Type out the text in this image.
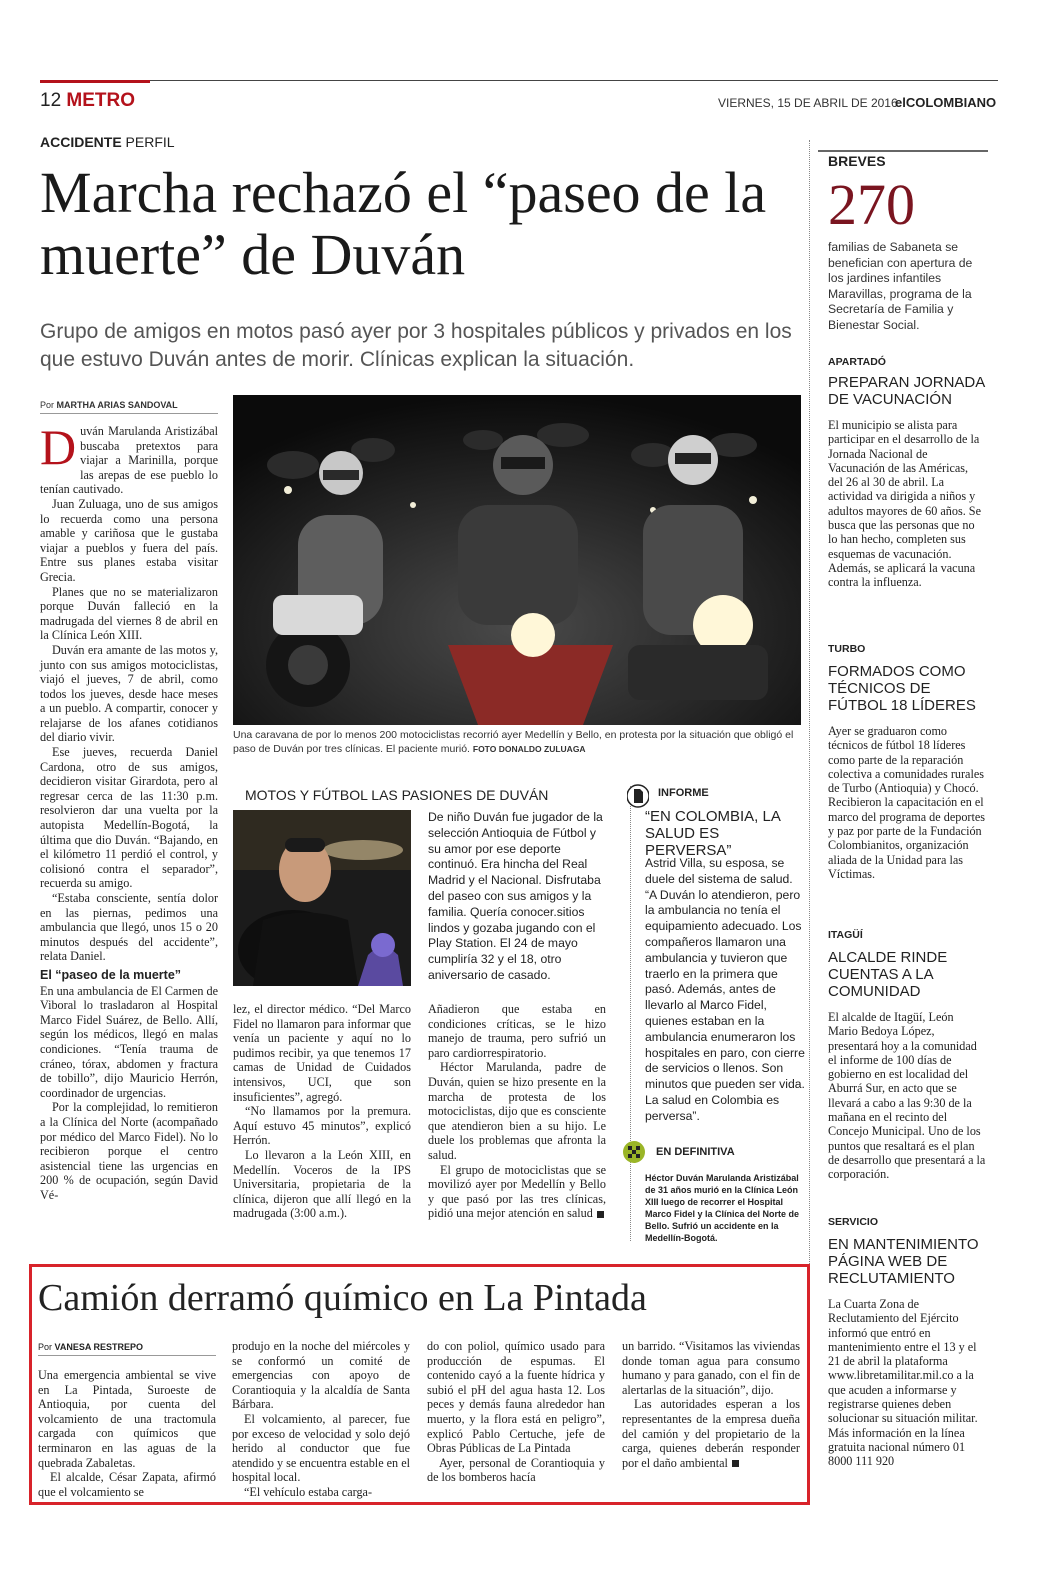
12 METRO	VIERNES, 15 DE ABRIL DE 2016
elCOLOMBIANO
ACCIDENTE PERFIL
Marcha rechazó el “paseo de la muerte” de Duván
Grupo de amigos en motos pasó ayer por 3 hospitales públicos y privados en los que estuvo Duván antes de morir. Clínicas explican la situación.
Por MARTHA ARIAS SANDOVAL

Duván Marulanda Aristizábal buscaba pretextos para viajar a Marinilla, porque las arepas de ese pueblo lo tenían cautivado.

Juan Zuluaga, uno de sus amigos lo recuerda como una persona amable y cariñosa que le gustaba viajar a pueblos y fuera del país. Entre sus planes estaba visitar Grecia.

Planes que no se materializaron porque Duván falleció en la madrugada del viernes 8 de abril en la Clínica León XIII.

Duván era amante de las motos y, junto con sus amigos motociclistas, viajó el jueves, 7 de abril, como todos los jueves, desde hace meses a un pueblo. A compartir, conocer y relajarse de los afanes cotidianos del diario vivir.

Ese jueves, recuerda Daniel Cardona, otro de sus amigos, decidieron visitar Girardota, pero al regresar cerca de las 11:30 p.m. resolvieron dar una vuelta por la autopista Medellín-Bogotá, la última que dio Duván. “Bajando, en el kilómetro 11 perdió el control, y colisionó contra el separador”, recuerda su amigo.

“Estaba consciente, sentía dolor en las piernas, pedimos una ambulancia que llegó, unos 15 o 20 minutos después del accidente”, relata Daniel.

El “paseo de la muerte”

En una ambulancia de El Carmen de Viboral lo trasladaron al Hospital Marco Fidel Suárez, de Bello. Allí, según los médicos, llegó en malas condiciones. “Tenía trauma de cráneo, tórax, abdomen y fractura de tobillo”, dijo Mauricio Herrón, coordinador de urgencias.

Por la complejidad, lo remitieron a la Clínica del Norte (acompañado por médico del Marco Fidel). No lo recibieron porque el centro asistencial tiene las urgencias en 200 % de ocupación, según David Vé-

Una caravana de por lo menos 200 motociclistas recorrió ayer Medellín y Bello, en protesta por la situación que obligó el paso de Duván por tres clínicas. El paciente murió. FOTO DONALDO ZULUAGA
MOTOS Y FÚTBOL LAS PASIONES DE DUVÁN
De niño Duván fue jugador de la selección Antioquia de Fútbol y su amor por ese deporte continuó. Era hincha del Real Madrid y el Nacional. Disfrutaba del paseo con sus amigos y la familia. Quería conocer.sitios lindos y gozaba jugando con el Play Station. El 24 de mayo cumpliría 32 y el 18, otro aniversario de casado.

lez, el director médico. “Del Marco Fidel no llamaron para informar que venía un paciente y aquí no lo pudimos recibir, ya que tenemos 17 camas de Unidad de Cuidados intensivos, UCI, que son insuficientes”, agregó.

“No llamamos por la premura. Aquí estuvo 45 minutos”, explicó Herrón.

Lo llevaron a la León XIII, en Medellín. Voceros de la IPS Universitaria, propietaria de la clínica, dijeron que allí llegó en la madrugada (3:00 a.m.).

Añadieron que estaba en condiciones críticas, se le hizo manejo de trauma, pero sufrió un paro cardiorrespiratorio.

Héctor Marulanda, padre de Duván, quien se hizo presente en la marcha de protesta de los motociclistas, dijo que es consciente que atendieron bien a su hijo. Le duele los problemas que afronta la salud.

El grupo de motociclistas que se movilizó ayer por Medellín y Bello y que pasó por las tres clínicas, pidió una mejor atención en salud

INFORME
“EN COLOMBIA, LA SALUD ES PERVERSA”
Astrid Villa, su esposa, se duele del sistema de salud. “A Duván lo atendieron, pero la ambulancia no tenía el equipamiento adecuado. Los compañeros llamaron una ambulancia y tuvieron que traerlo en la primera que pasó. Además, antes de llevarlo al Marco Fidel, quienes estaban en la ambulancia enumeraron los hospitales en paro, con cierre de servicios o llenos. Son minutos que pueden ser vida. La salud en Colombia es perversa”.
EN DEFINITIVA
Héctor Duván Marulanda Aristizábal de 31 años murió en la Clínica León XIII luego de recorrer el Hospital Marco Fidel y la Clínica del Norte de Bello. Sufrió un accidente en la Medellín-Bogotá.
BREVES
270
familias de Sabaneta se benefician con apertura de los jardines infantiles Maravillas, programa de la Secretaría de Familia y Bienestar Social.
APARTADÓ
PREPARAN JORNADA DE VACUNACIÓN
El municipio se alista para participar en el desarrollo de la Jornada Nacional de Vacunación de las Américas, del 26 al 30 de abril. La actividad va dirigida a niños y adultos mayores de 60 años. Se busca que las personas que no lo han hecho, completen sus esquemas de vacunación. Además, se aplicará la vacuna contra la influenza.
TURBO
FORMADOS COMO TÉCNICOS DE FÚTBOL 18 LÍDERES
Ayer se graduaron como técnicos de fútbol 18 líderes como parte de la reparación colectiva a comunidades rurales de Turbo (Antioquia) y Chocó. Recibieron la capacitación en el marco del programa de deportes y paz por parte de la Fundación Colombianitos, organización aliada de la Unidad para las Víctimas.
ITAGÜÍ
ALCALDE RINDE CUENTAS A LA COMUNIDAD
El alcalde de Itagüí, León Mario Bedoya López, presentará hoy a la comunidad el informe de 100 días de gobierno en est localidad del Aburrá Sur, en acto que se llevará a cabo a las 9:30 de la mañana en el recinto del Concejo Municipal. Uno de los puntos que resaltará es el plan de desarrollo que presentará a la corporación.
SERVICIO
EN MANTENIMIENTO PÁGINA WEB DE RECLUTAMIENTO
La Cuarta Zona de Reclutamiento del Ejército informó que entró en mantenimiento entre el 13 y el 21 de abril la plataforma www.libretamilitar.mil.co a la que acuden a informarse y registrarse quienes deben solucionar su situación militar. Más información en la línea gratuita nacional número 01 8000 111 920
Camión derramó químico en La Pintada
Por VANESA RESTREPO

Una emergencia ambiental se vive en La Pintada, Suroeste de Antioquia, por cuenta del volcamiento de una tractomula cargada con químicos que terminaron en las aguas de la quebrada Zabaletas.

El alcalde, César Zapata, afirmó que el volcamiento se

produjo en la noche del miércoles y se conformó un comité de emergencias con apoyo de Corantioquia y la alcaldía de Santa Bárbara.

El volcamiento, al parecer, fue por exceso de velocidad y solo dejó herido al conductor que fue atendido y se encuentra estable en el hospital local.

“El vehículo estaba carga-

do con poliol, químico usado para producción de espumas. El contenido cayó a la fuente hídrica y subió el pH del agua hasta 12. Los peces y demás fauna alrededor han muerto, y la flora está en peligro”, explicó Pablo Certuche, jefe de Obras Públicas de La Pintada

Ayer, personal de Corantioquia y de los bomberos hacía

un barrido. “Visitamos las viviendas donde toman agua para consumo humano y para ganado, con el fin de alertarlas de la situación”, dijo.

Las autoridades esperan a los representantes de la empresa dueña del camión y del propietario de la carga, quienes deberán responder por el daño ambiental
